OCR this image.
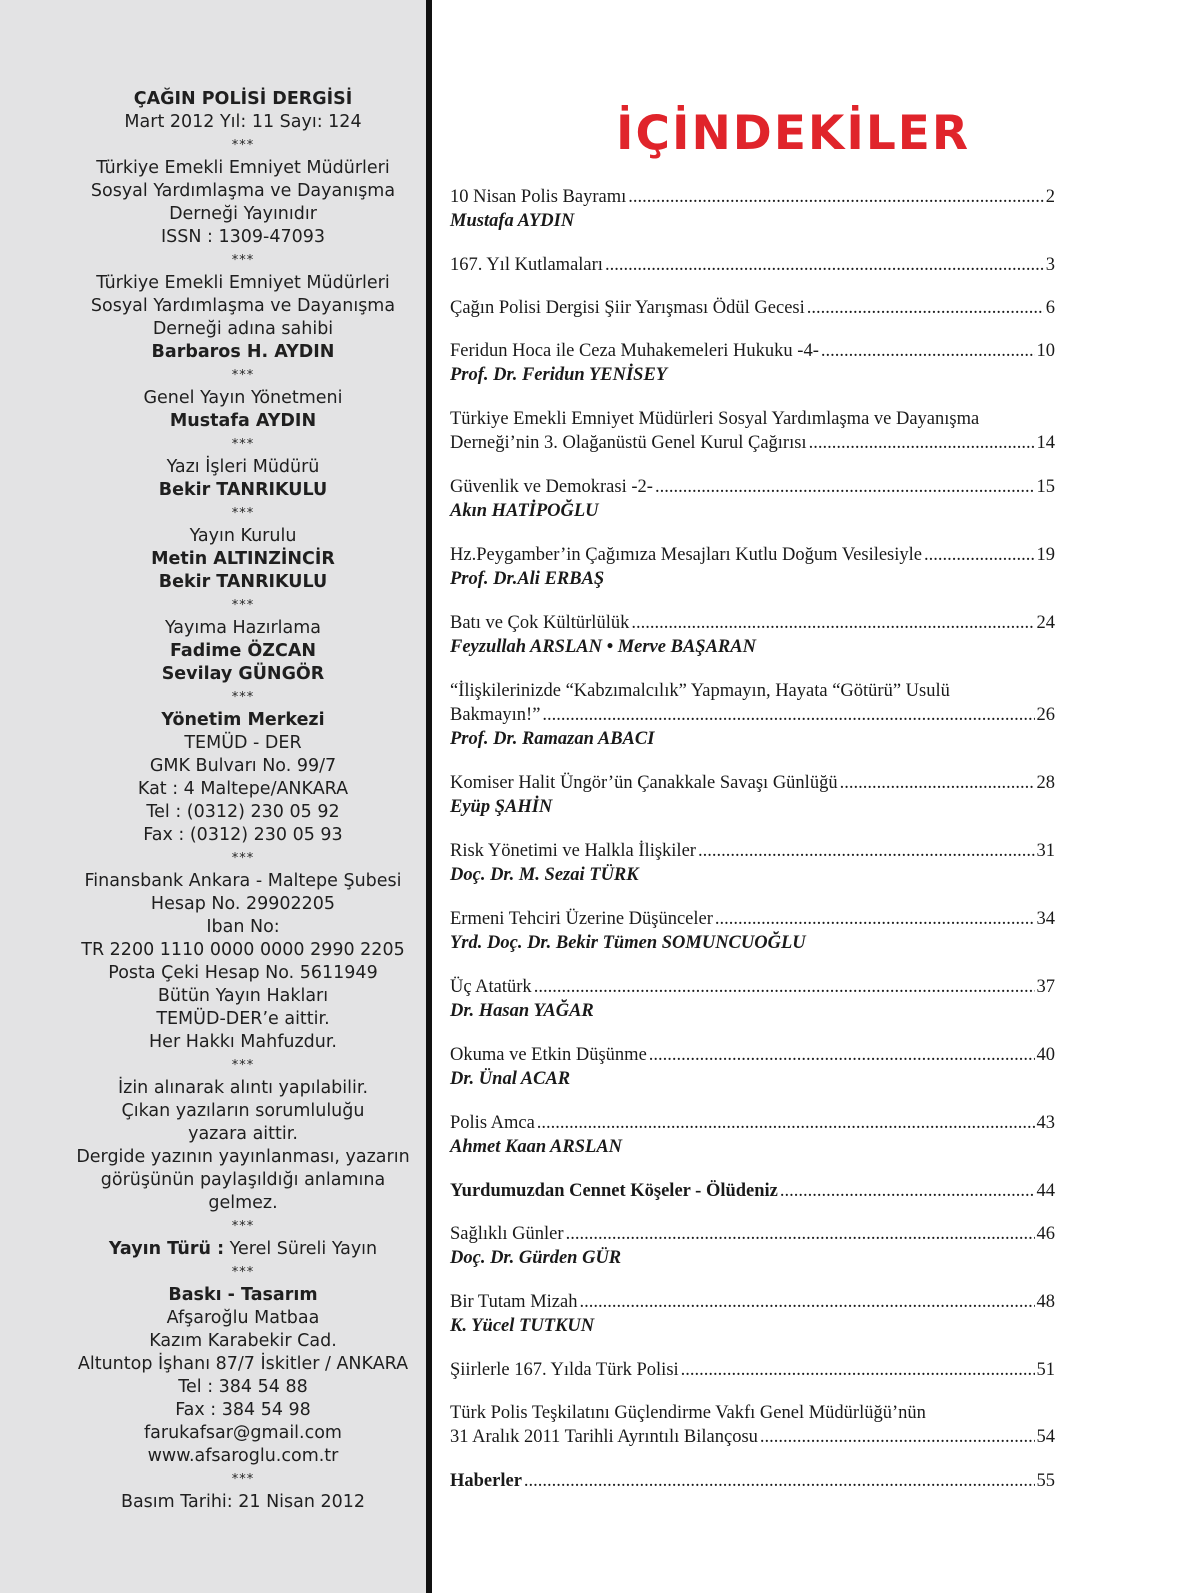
ÇAĞIN POLİSİ DERGİSİ
Mart 2012 Yıl: 11 Sayı: 124
***
Türkiye Emekli Emniyet Müdürleri
Sosyal Yardımlaşma ve Dayanışma
Derneği Yayınıdır
ISSN : 1309-47093
***
Türkiye Emekli Emniyet Müdürleri
Sosyal Yardımlaşma ve Dayanışma
Derneği adına sahibi
Barbaros H. AYDIN
***
Genel Yayın Yönetmeni
Mustafa AYDIN
***
Yazı İşleri Müdürü
Bekir TANRIKULU
***
Yayın Kurulu
Metin ALTINZİNCİR
Bekir TANRIKULU
***
Yayıma Hazırlama
Fadime ÖZCAN
Sevilay GÜNGÖR
***
Yönetim Merkezi
TEMÜD - DER
GMK Bulvarı No. 99/7
Kat : 4 Maltepe/ANKARA
Tel : (0312) 230 05 92
Fax : (0312) 230 05 93
***
Finansbank Ankara - Maltepe Şubesi
Hesap No. 29902205
Iban No:
TR 2200 1110 0000 0000 2990 2205
Posta Çeki Hesap No. 5611949
Bütün Yayın Hakları
TEMÜD-DER’e aittir.
Her Hakkı Mahfuzdur.
***
İzin alınarak alıntı yapılabilir.
Çıkan yazıların sorumluluğu
yazara aittir.
Dergide yazının yayınlanması, yazarın
görüşünün paylaşıldığı anlamına
gelmez.
***
Yayın Türü : Yerel Süreli Yayın
***
Baskı - Tasarım
Afşaroğlu Matbaa
Kazım Karabekir Cad.
Altuntop İşhanı 87/7 İskitler / ANKARA
Tel : 384 54 88
Fax : 384 54 98
farukafsar@gmail.com
www.afsaroglu.com.tr
***
Basım Tarihi: 21 Nisan 2012
İÇİNDEKİLER
10 Nisan Polis Bayramı .....	2
Mustafa AYDIN
167. Yıl Kutlamaları .....	3
Çağın Polisi Dergisi Şiir Yarışması Ödül Gecesi .....	6
Feridun Hoca ile Ceza Muhakemeleri Hukuku -4- .....	10
Prof. Dr. Feridun YENİSEY
Türkiye Emekli Emniyet Müdürleri Sosyal Yardımlaşma ve Dayanışma
Derneği’nin 3. Olağanüstü Genel Kurul Çağırısı .....	14
Güvenlik ve Demokrasi -2- .....	15
Akın HATİPOĞLU
Hz.Peygamber’in Çağımıza Mesajları Kutlu Doğum Vesilesiyle .....	19
Prof. Dr.Ali ERBAŞ
Batı ve Çok Kültürlülük .....	24
Feyzullah ARSLAN • Merve BAŞARAN
“İlişkilerinizde “Kabzımalcılık” Yapmayın, Hayata “Götürü” Usulü
Bakmayın!” .....	26
Prof. Dr. Ramazan ABACI
Komiser Halit Üngör’ün Çanakkale Savaşı Günlüğü .....	28
Eyüp ŞAHİN
Risk Yönetimi ve Halkla İlişkiler .....	31
Doç. Dr. M. Sezai TÜRK
Ermeni Tehciri Üzerine Düşünceler .....	34
Yrd. Doç. Dr. Bekir Tümen SOMUNCUOĞLU
Üç Atatürk .....	37
Dr. Hasan YAĞAR
Okuma ve Etkin Düşünme .....	40
Dr. Ünal ACAR
Polis Amca .....	43
Ahmet Kaan ARSLAN
Yurdumuzdan Cennet Köşeler - Ölüdeniz .....	44
Sağlıklı Günler .....	46
Doç. Dr. Gürden GÜR
Bir Tutam Mizah .....	48
K. Yücel TUTKUN
Şiirlerle 167. Yılda Türk Polisi .....	51
Türk Polis Teşkilatını Güçlendirme Vakfı Genel Müdürlüğü’nün
31 Aralık 2011 Tarihli Ayrıntılı Bilançosu .....	54
Haberler .....	55
